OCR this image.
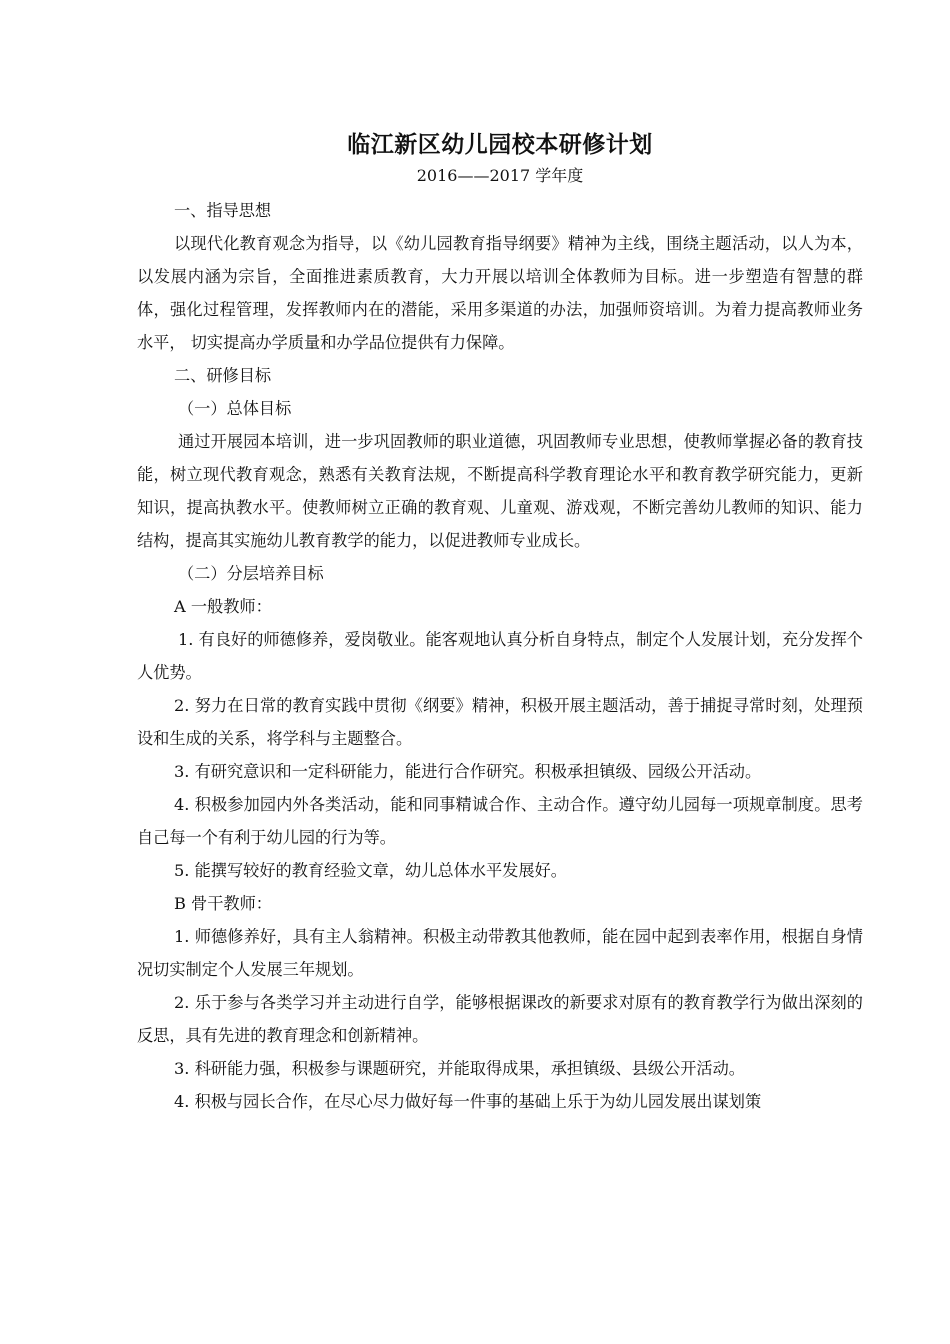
临江新区幼儿园校本研修计划
2016——2017 学年度

一、指导思想

以现代化教育观念为指导，以《幼儿园教育指导纲要》精神为主线，围绕主题活动，以人为本，以发展内涵为宗旨，全面推进素质教育，大力开展以培训全体教师为目标。进一步塑造有智慧的群体，强化过程管理，发挥教师内在的潜能，采用多渠道的办法，加强师资培训。为着力提高教师业务水平， 切实提高办学质量和办学品位提供有力保障。

二、研修目标

（一）总体目标

通过开展园本培训，进一步巩固教师的职业道德，巩固教师专业思想，使教师掌握必备的教育技能，树立现代教育观念，熟悉有关教育法规，不断提高科学教育理论水平和教育教学研究能力，更新知识，提高执教水平。使教师树立正确的教育观、儿童观、游戏观，不断完善幼儿教师的知识、能力结构，提高其实施幼儿教育教学的能力，以促进教师专业成长。

（二）分层培养目标

A 一般教师：

1. 有良好的师德修养，爱岗敬业。能客观地认真分析自身特点，制定个人发展计划，充分发挥个人优势。

2. 努力在日常的教育实践中贯彻《纲要》精神，积极开展主题活动，善于捕捉寻常时刻，处理预设和生成的关系，将学科与主题整合。

3. 有研究意识和一定科研能力，能进行合作研究。积极承担镇级、园级公开活动。

4. 积极参加园内外各类活动，能和同事精诚合作、主动合作。遵守幼儿园每一项规章制度。思考自己每一个有利于幼儿园的行为等。

5. 能撰写较好的教育经验文章，幼儿总体水平发展好。

B 骨干教师：

1. 师德修养好，具有主人翁精神。积极主动带教其他教师，能在园中起到表率作用，根据自身情况切实制定个人发展三年规划。

2. 乐于参与各类学习并主动进行自学，能够根据课改的新要求对原有的教育教学行为做出深刻的反思，具有先进的教育理念和创新精神。

3. 科研能力强，积极参与课题研究，并能取得成果，承担镇级、县级公开活动。

4. 积极与园长合作，在尽心尽力做好每一件事的基础上乐于为幼儿园发展出谋划策
